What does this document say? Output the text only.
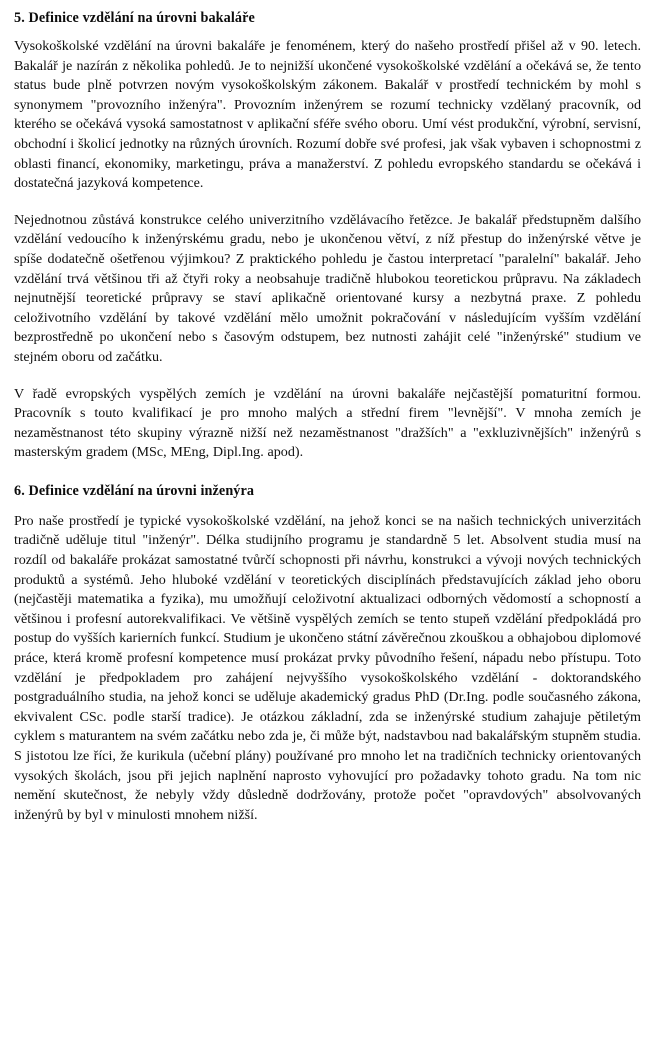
5. Definice vzdělání na úrovni bakaláře

Vysokoškolské vzdělání na úrovni bakaláře je fenoménem, který do našeho prostředí přišel až v 90. letech. Bakalář je nazírán z několika pohledů. Je to nejnižší ukončené vysokoškolské vzdělání a očekává se, že tento status bude plně potvrzen novým vysokoškolským zákonem. Bakalář v prostředí technickém by mohl s synonymem "provozního inženýra". Provozním inženýrem se rozumí technicky vzdělaný pracovník, od kterého se očekává vysoká samostatnost v aplikační sféře svého oboru. Umí vést produkční, výrobní, servisní, obchodní i školicí jednotky na různých úrovních. Rozumí dobře své profesi, jak však vybaven i schopnostmi z oblasti financí, ekonomiky, marketingu, práva a manažerství. Z pohledu evropského standardu se očekává i dostatečná jazyková kompetence.

Nejednotnou zůstává konstrukce celého univerzitního vzdělávacího řetězce. Je bakalář předstupněm dalšího vzdělání vedoucího k inženýrskému gradu, nebo je ukončenou větví, z níž přestup do inženýrské větve je spíše dodatečně ošetřenou výjimkou? Z praktického pohledu je častou interpretací "paralelní" bakalář. Jeho vzdělání trvá většinou tři až čtyři roky a neobsahuje tradičně hlubokou teoretickou průpravu. Na základech nejnutnější teoretické průpravy se staví aplikačně orientované kursy a nezbytná praxe. Z pohledu celoživotního vzdělání by takové vzdělání mělo umožnit pokračování v následujícím vyšším vzdělání bezprostředně po ukončení nebo s časovým odstupem, bez nutnosti zahájit celé "inženýrské" studium ve stejném oboru od začátku.

V řadě evropských vyspělých zemích je vzdělání na úrovni bakaláře nejčastější pomaturitní formou. Pracovník s touto kvalifikací je pro mnoho malých a střední firem "levnější". V mnoha zemích je nezaměstnanost této skupiny výrazně nižší než nezaměstnanost "dražších" a "exkluzivnějších" inženýrů s masterským gradem (MSc, MEng, Dipl.Ing. apod).

6. Definice vzdělání na úrovni inženýra

Pro naše prostředí je typické vysokoškolské vzdělání, na jehož konci se na našich technických univerzitách tradičně uděluje titul "inženýr". Délka studijního programu je standardně 5 let. Absolvent studia musí na rozdíl od bakaláře prokázat samostatné tvůrčí schopnosti při návrhu, konstrukci a vývoji nových technických produktů a systémů. Jeho hluboké vzdělání v teoretických disciplínách představujících základ jeho oboru (nejčastěji matematika a fyzika), mu umožňují celoživotní aktualizaci odborných vědomostí a schopností a většinou i profesní autorekvalifikaci. Ve většině vyspělých zemích se tento stupeň vzdělání předpokládá pro postup do vyšších karierních funkcí. Studium je ukončeno státní závěrečnou zkouškou a obhajobou diplomové práce, která kromě profesní kompetence musí prokázat prvky původního řešení, nápadu nebo přístupu. Toto vzdělání je předpokladem pro zahájení nejvyššího vysokoškolského vzdělání - doktorandského postgraduálního studia, na jehož konci se uděluje akademický gradus PhD (Dr.Ing. podle současného zákona, ekvivalent CSc. podle starší tradice). Je otázkou základní, zda se inženýrské studium zahajuje pětiletým cyklem s maturantem na svém začátku nebo zda je, či může být, nadstavbou nad bakalářským stupněm studia. S jistotou lze říci, že kurikula (učební plány) používané pro mnoho let na tradičních technicky orientovaných vysokých školách, jsou při jejich naplnění naprosto vyhovující pro požadavky tohoto gradu. Na tom nic nemění skutečnost, že nebyly vždy důsledně dodržovány, protože počet "opravdových" absolvovaných inženýrů by byl v minulosti mnohem nižší.
